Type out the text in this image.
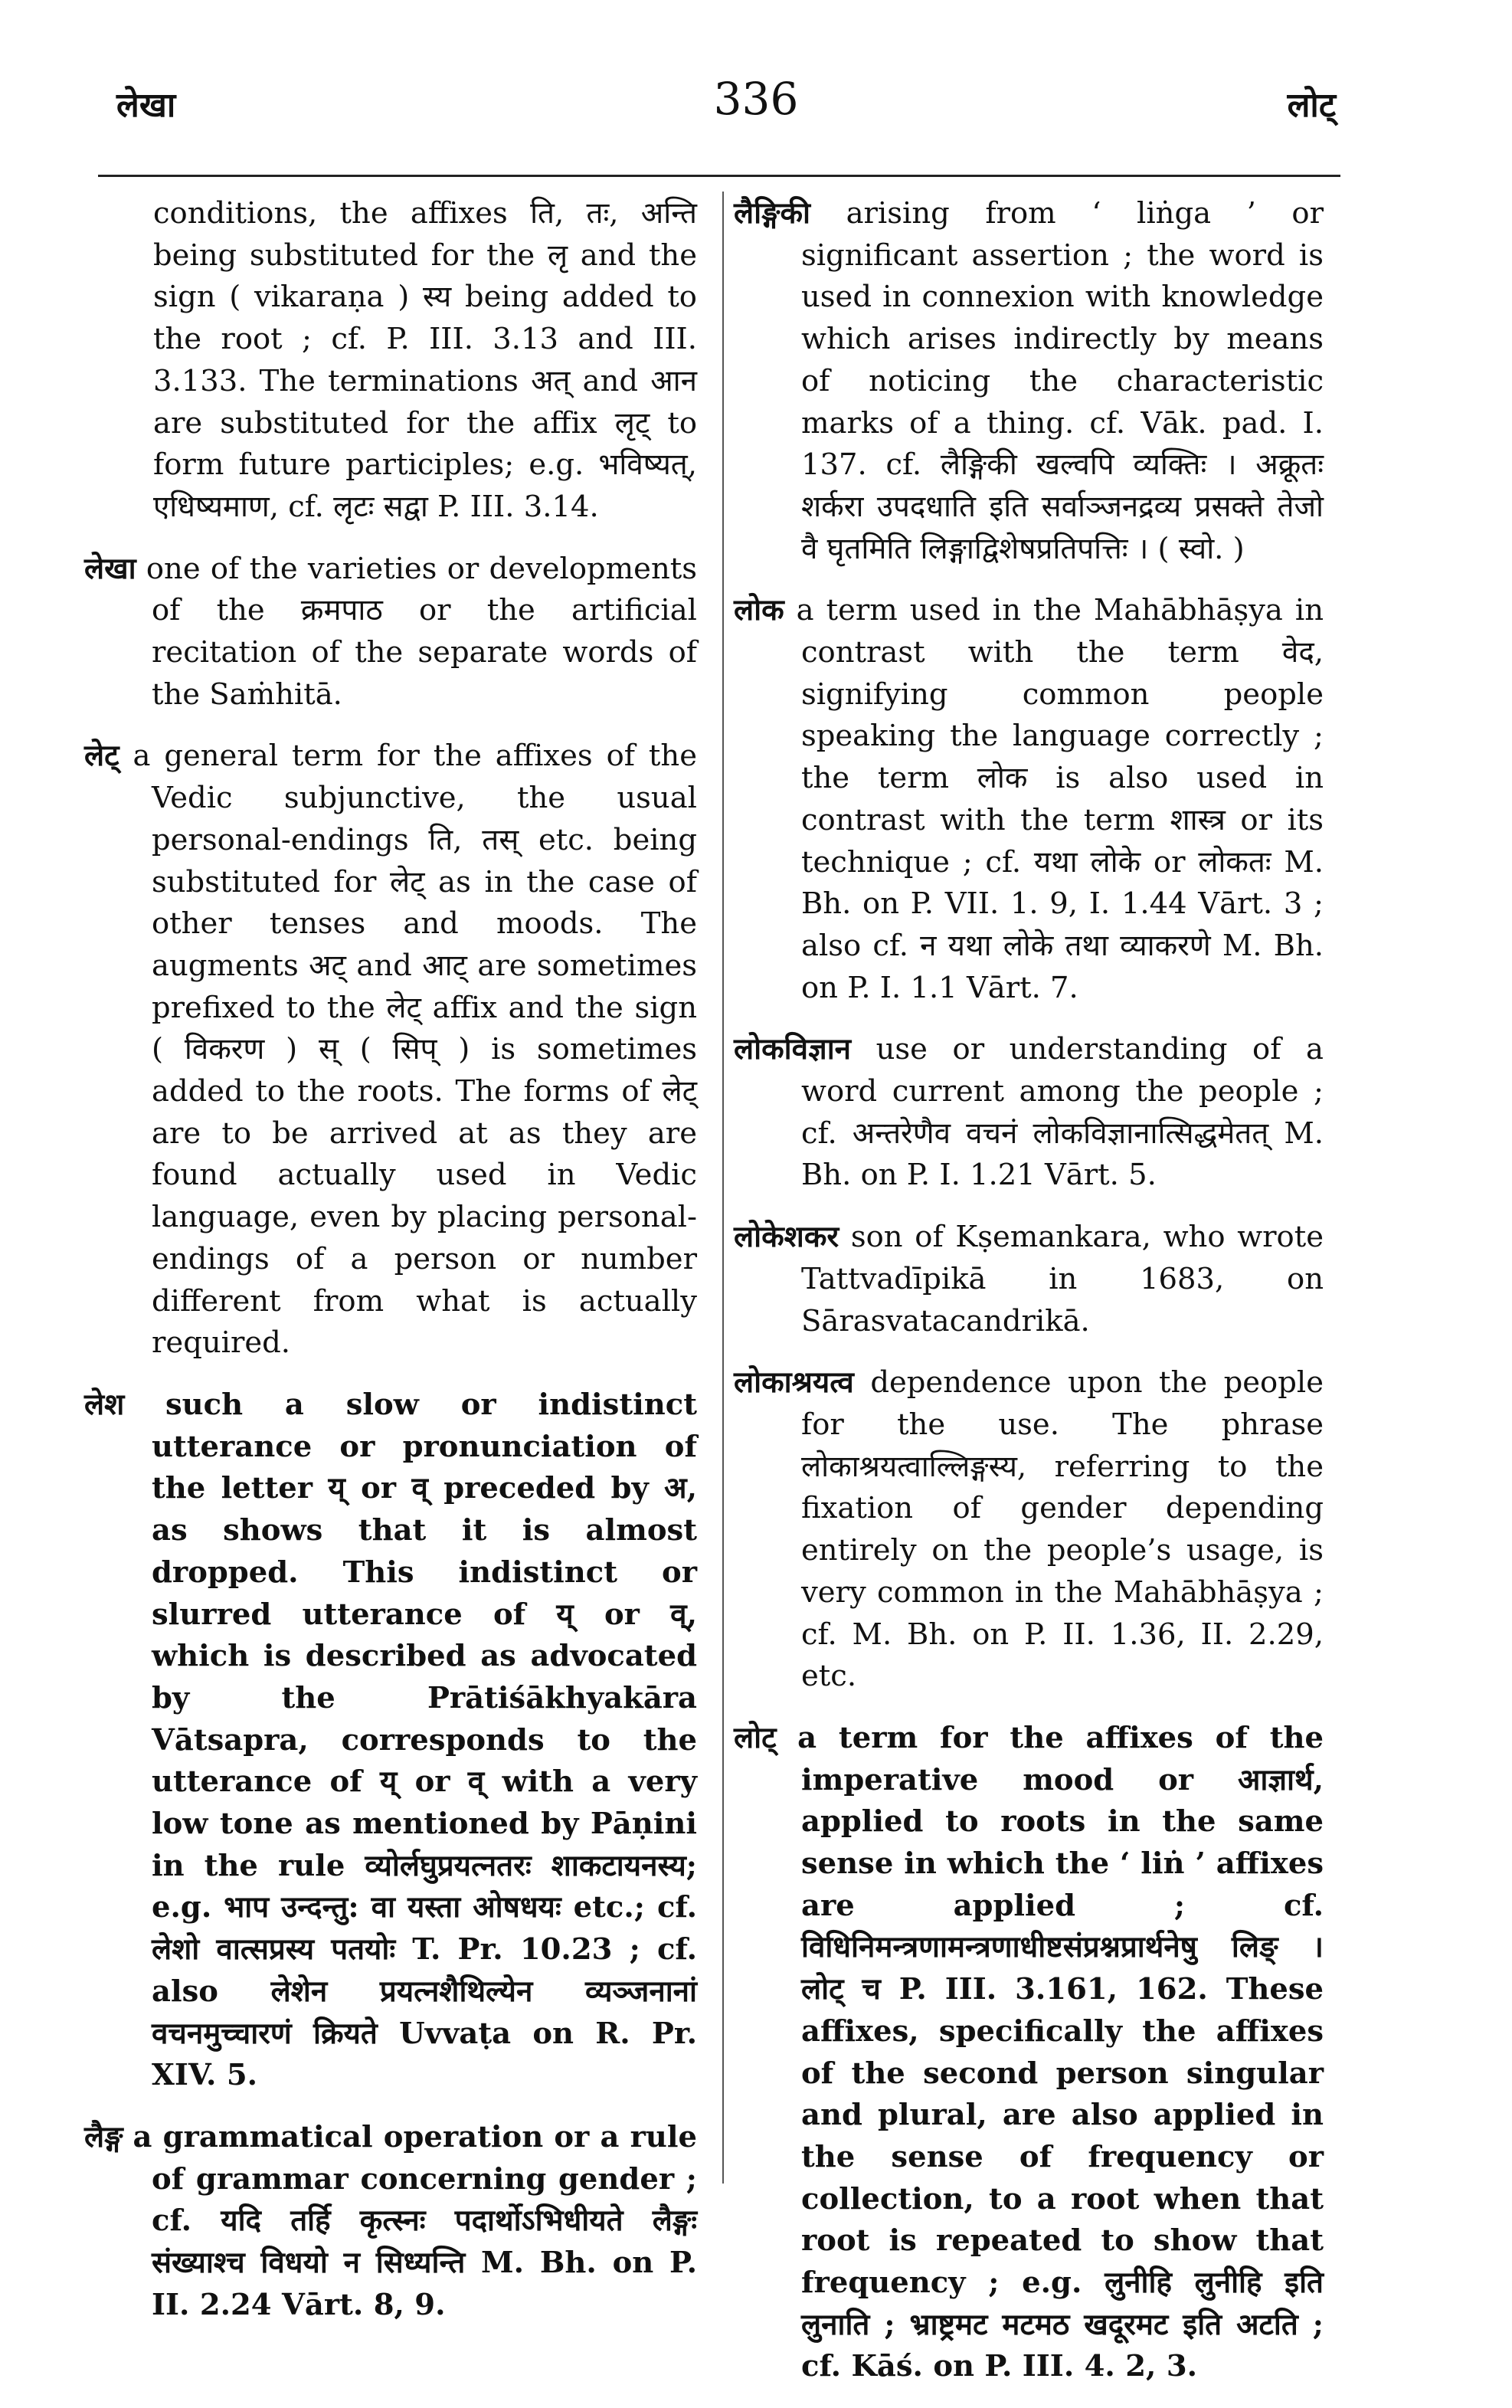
लेखा	336	लोट्

conditions, the affixes ति, तः, अन्ति being substituted for the लृ and the sign ( vikaraṇa ) स्य being added to the root ; cf. P. III. 3.13 and III. 3.133. The terminations अत् and आन are substituted for the affix लृट् to form future participles; e.g. भविष्यत्, एधिष्यमाण, cf. लृटः सद्वा P. III. 3.14.

लेखा one of the varieties or developments of the क्रमपाठ or the artificial recitation of the separate words of the Saṁhitā.

लेट् a general term for the affixes of the Vedic subjunctive, the usual personal-endings ति, तस् etc. being substituted for लेट् as in the case of other tenses and moods. The augments अट् and आट् are sometimes prefixed to the लेट् affix and the sign ( विकरण ) स् ( सिप् ) is sometimes added to the roots. The forms of लेट् are to be arrived at as they are found actually used in Vedic language, even by placing personal-endings of a person or number different from what is actually required.

लेश such a slow or indistinct utterance or pronunciation of the letter य् or व् preceded by अ, as shows that it is almost dropped. This indistinct or slurred utterance of य् or व्, which is described as advocated by the Prātiśākhyakāra Vātsapra, corresponds to the utterance of य् or व् with a very low tone as mentioned by Pāṇini in the rule व्योर्लघुप्रयत्नतरः शाकटायनस्य; e.g. भाप उन्दन्तु: वा यस्ता ओषधयः etc.; cf. लेशो वात्सप्रस्य पतयोः T. Pr. 10.23 ; cf. also लेशेन प्रयत्नशैथिल्येन व्यञ्जनानां वचनमुच्चारणं क्रियते Uvvaṭa on R. Pr. XIV. 5.

लैङ्ग a grammatical operation or a rule of grammar concerning gender ; cf. यदि तर्हि कृत्स्नः पदार्थोऽभिधीयते लैङ्गः संख्याश्च विधयो न सिध्यन्ति M. Bh. on P. II. 2.24 Vārt. 8, 9.

लैङ्गिकी arising from ‘ liṅga ’ or significant assertion ; the word is used in connexion with knowledge which arises indirectly by means of noticing the characteristic marks of a thing. cf. Vāk. pad. I. 137. cf. लैङ्गिकी खल्वपि व्यक्तिः । अक्रूतः शर्करा उपदधाति इति सर्वाञ्जनद्रव्य प्रसक्ते तेजो वै घृतमिति लिङ्गाद्विशेषप्रतिपत्तिः । ( स्वो. )

लोक a term used in the Mahābhāṣya in contrast with the term वेद, signifying common people speaking the language correctly ; the term लोक is also used in contrast with the term शास्त्र or its technique ; cf. यथा लोके or लोकतः M. Bh. on P. VII. 1. 9, I. 1.44 Vārt. 3 ; also cf. न यथा लोके तथा व्याकरणे M. Bh. on P. I. 1.1 Vārt. 7.

लोकविज्ञान use or understanding of a word current among the people ; cf. अन्तरेणैव वचनं लोकविज्ञानात्सिद्धमेतत् M. Bh. on P. I. 1.21 Vārt. 5.

लोकेशकर son of Kṣemankara, who wrote Tattvadīpikā in 1683, on Sārasvatacandrikā.

लोकाश्रयत्व dependence upon the people for the use. The phrase लोकाश्रयत्वाल्लिङ्गस्य, referring to the fixation of gender depending entirely on the people’s usage, is very common in the Mahābhāṣya ; cf. M. Bh. on P. II. 1.36, II. 2.29, etc.

लोट् a term for the affixes of the imperative mood or आज्ञार्थ, applied to roots in the same sense in which the ‘ liṅ ’ affixes are applied ; cf. विधिनिमन्त्रणामन्त्रणाधीष्टसंप्रश्नप्रार्थनेषु लिङ् । लोट् च P. III. 3.161, 162. These affixes, specifically the affixes of the second person singular and plural, are also applied in the sense of frequency or collection, to a root when that root is repeated to show that frequency ; e.g. लुनीहि लुनीहि इति लुनाति ; भ्राष्ट्रमट मटमठ खदूरमट इति अटति ; cf. Kāś. on P. III. 4. 2, 3.
